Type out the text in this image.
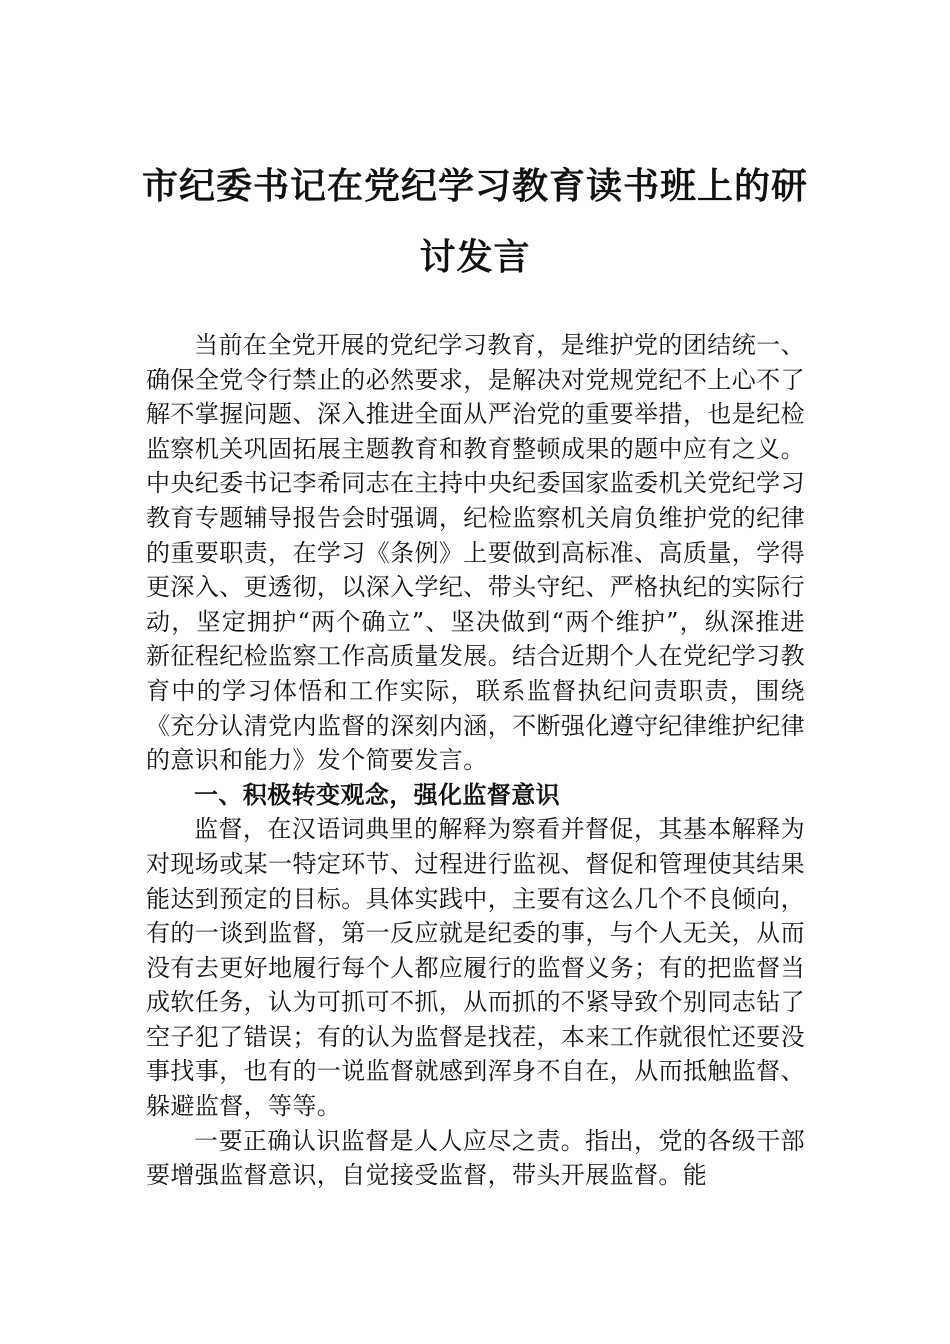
市纪委书记在党纪学习教育读书班上的研
讨发言

当前在全党开展的党纪学习教育，是维护党的团结统一、确保全党令行禁止的必然要求，是解决对党规党纪不上心不了解不掌握问题、深入推进全面从严治党的重要举措，也是纪检监察机关巩固拓展主题教育和教育整顿成果的题中应有之义。中央纪委书记李希同志在主持中央纪委国家监委机关党纪学习教育专题辅导报告会时强调，纪检监察机关肩负维护党的纪律的重要职责，在学习《条例》上要做到高标准、高质量，学得更深入、更透彻，以深入学纪、带头守纪、严格执纪的实际行动，坚定拥护“两个确立”、坚决做到“两个维护”，纵深推进新征程纪检监察工作高质量发展。结合近期个人在党纪学习教育中的学习体悟和工作实际，联系监督执纪问责职责，围绕《充分认清党内监督的深刻内涵，不断强化遵守纪律维护纪律的意识和能力》发个简要发言。

一、积极转变观念，强化监督意识

监督，在汉语词典里的解释为察看并督促，其基本解释为对现场或某一特定环节、过程进行监视、督促和管理使其结果能达到预定的目标。具体实践中，主要有这么几个不良倾向，有的一谈到监督，第一反应就是纪委的事，与个人无关，从而没有去更好地履行每个人都应履行的监督义务；有的把监督当成软任务，认为可抓可不抓，从而抓的不紧导致个别同志钻了空子犯了错误；有的认为监督是找茬，本来工作就很忙还要没事找事，也有的一说监督就感到浑身不自在，从而抵触监督、躲避监督，等等。

一要正确认识监督是人人应尽之责。指出，党的各级干部要增强监督意识，自觉接受监督，带头开展监督。能
